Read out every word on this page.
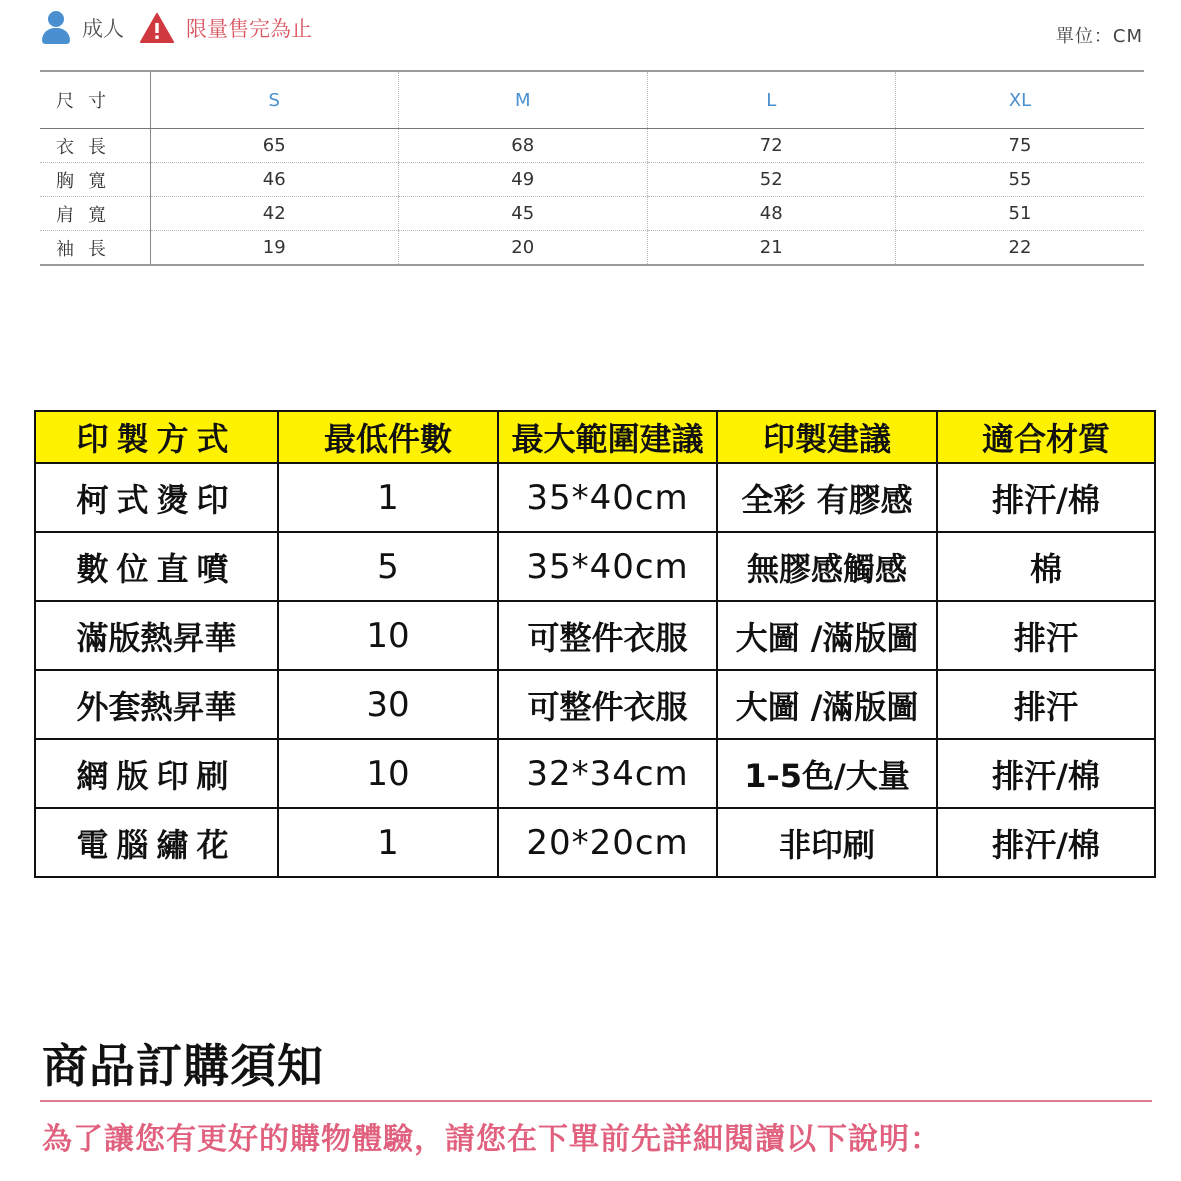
成人	限量售完為止	單位：CM
尺寸	S	M	L	XL
衣長	65	68	72	75
胸寬	46	49	52	55
肩寬	42	45	48	51
袖長	19	20	21	22
印製方式	最低件數	最大範圍建議	印製建議	適合材質
柯式燙印	1	35*40cm	全彩 有膠感	排汗/棉
數位直噴	5	35*40cm	無膠感觸感	棉
滿版熱昇華	10	可整件衣服	大圖 /滿版圖	排汗
外套熱昇華	30	可整件衣服	大圖 /滿版圖	排汗
網版印刷	10	32*34cm	1-5色/大量	排汗/棉
電腦繡花	1	20*20cm	非印刷	排汗/棉
商品訂購須知
為了讓您有更好的購物體驗，請您在下單前先詳細閱讀以下說明：
